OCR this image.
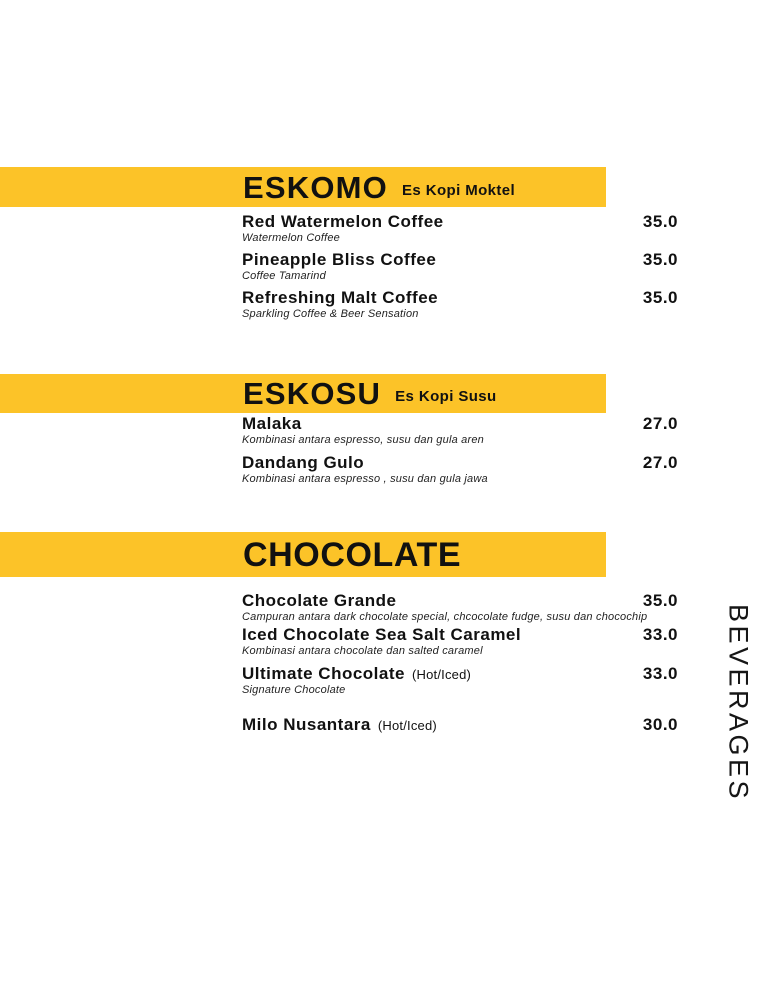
ESKOMO Es Kopi Moktel
Red Watermelon Coffee	35.0
Watermelon Coffee
Pineapple Bliss Coffee	35.0
Coffee Tamarind
Refreshing Malt Coffee	35.0
Sparkling Coffee & Beer Sensation
ESKOSU Es Kopi Susu
Malaka	27.0
Kombinasi antara espresso, susu dan gula aren
Dandang Gulo	27.0
Kombinasi antara espresso , susu dan gula jawa
CHOCOLATE
Chocolate Grande	35.0
Campuran antara dark chocolate special, chcocolate fudge, susu dan chocochip
Iced Chocolate Sea Salt Caramel	33.0
Kombinasi antara chocolate dan salted caramel
Ultimate Chocolate (Hot/Iced)	33.0
Signature Chocolate
Milo Nusantara (Hot/Iced)	30.0 BEVERAGES
